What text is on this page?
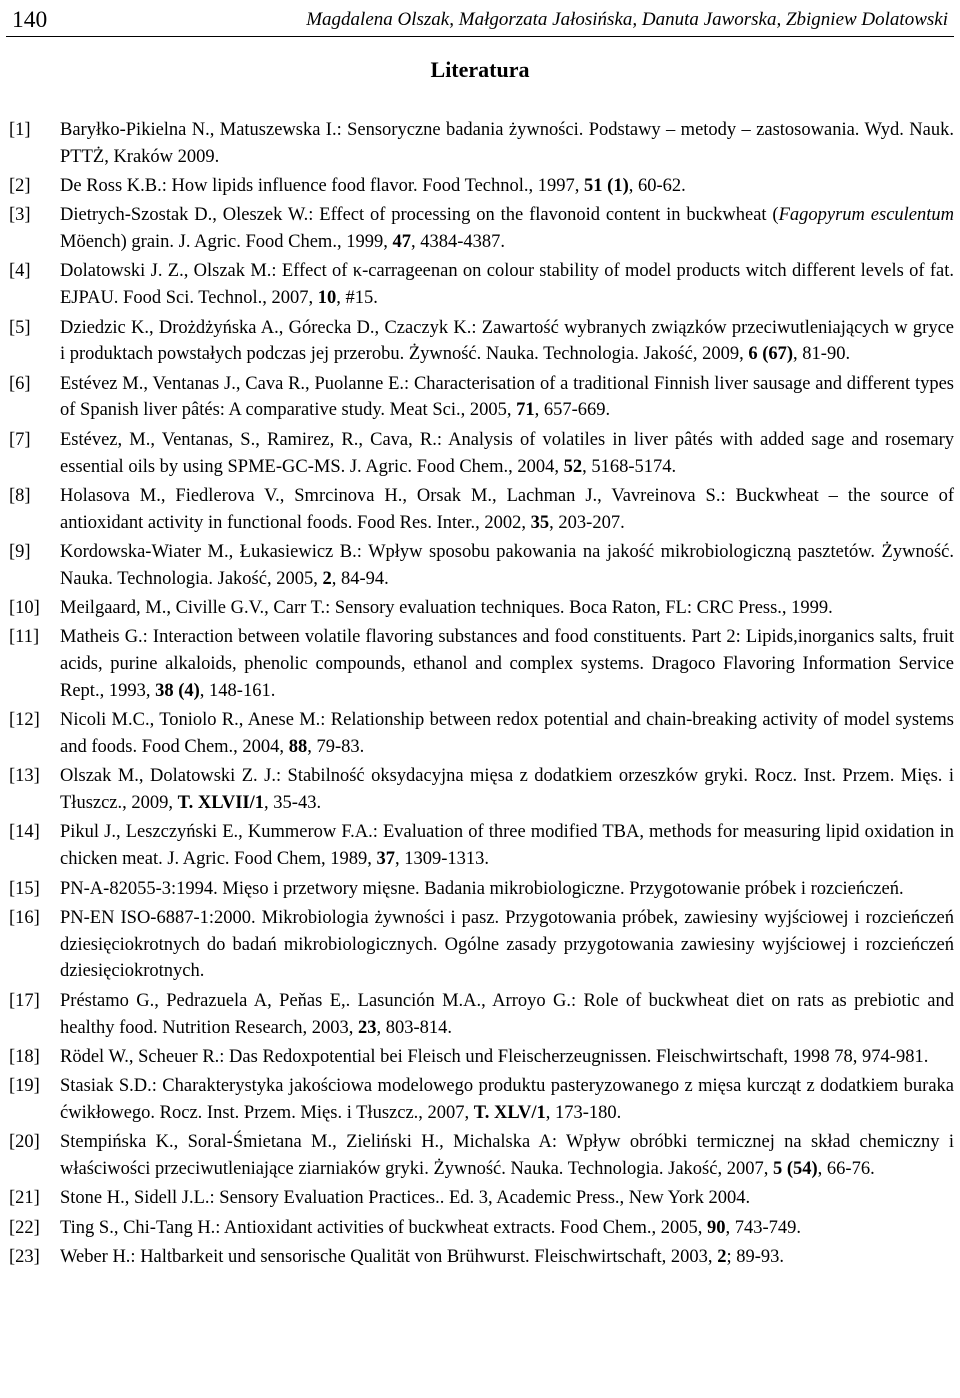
140	Magdalena Olszak, Małgorzata Jałosińska, Danuta Jaworska, Zbigniew Dolatowski
Literatura
[1] Baryłko-Pikielna N., Matuszewska I.: Sensoryczne badania żywności. Podstawy – metody – zastosowania. Wyd. Nauk. PTTŻ, Kraków 2009.
[2] De Ross K.B.: How lipids influence food flavor. Food Technol., 1997, 51 (1), 60-62.
[3] Dietrych-Szostak D., Oleszek W.: Effect of processing on the flavonoid content in buckwheat (Fagopyrum esculentum Möench) grain. J. Agric. Food Chem., 1999, 47, 4384-4387.
[4] Dolatowski J. Z., Olszak M.: Effect of κ-carrageenan on colour stability of model products witch different levels of fat. EJPAU. Food Sci. Technol., 2007, 10, #15.
[5] Dziedzic K., Drożdżyńska A., Górecka D., Czaczyk K.: Zawartość wybranych związków przeciwutleniających w gryce i produktach powstałych podczas jej przerobu. Żywność. Nauka. Technologia. Jakość, 2009, 6 (67), 81-90.
[6] Estévez M., Ventanas J., Cava R., Puolanne E.: Characterisation of a traditional Finnish liver sausage and different types of Spanish liver pâtés: A comparative study. Meat Sci., 2005, 71, 657-669.
[7] Estévez, M., Ventanas, S., Ramirez, R., Cava, R.: Analysis of volatiles in liver pâtés with added sage and rosemary essential oils by using SPME-GC-MS. J. Agric. Food Chem., 2004, 52, 5168-5174.
[8] Holasova M., Fiedlerova V., Smrcinova H., Orsak M., Lachman J., Vavreinova S.: Buckwheat – the source of antioxidant activity in functional foods. Food Res. Inter., 2002, 35, 203-207.
[9] Kordowska-Wiater M., Łukasiewicz B.: Wpływ sposobu pakowania na jakość mikrobiologiczną pasztetów. Żywność. Nauka. Technologia. Jakość, 2005, 2, 84-94.
[10] Meilgaard, M., Civille G.V., Carr T.: Sensory evaluation techniques. Boca Raton, FL: CRC Press., 1999.
[11] Matheis G.: Interaction between volatile flavoring substances and food constituents. Part 2: Lipids,inorganics salts, fruit acids, purine alkaloids, phenolic compounds, ethanol and complex systems. Dragoco Flavoring Information Service Rept., 1993, 38 (4), 148-161.
[12] Nicoli M.C., Toniolo R., Anese M.: Relationship between redox potential and chain-breaking activity of model systems and foods. Food Chem., 2004, 88, 79-83.
[13] Olszak M., Dolatowski Z. J.: Stabilność oksydacyjna mięsa z dodatkiem orzeszków gryki. Rocz. Inst. Przem. Mięs. i Tłuszcz., 2009, T. XLVII/1, 35-43.
[14] Pikul J., Leszczyński E., Kummerow F.A.: Evaluation of three modified TBA, methods for measuring lipid oxidation in chicken meat. J. Agric. Food Chem, 1989, 37, 1309-1313.
[15] PN-A-82055-3:1994. Mięso i przetwory mięsne. Badania mikrobiologiczne. Przygotowanie próbek i rozcieńczeń.
[16] PN-EN ISO-6887-1:2000. Mikrobiologia żywności i pasz. Przygotowania próbek, zawiesiny wyjściowej i rozcieńczeń dziesięciokrotnych do badań mikrobiologicznych. Ogólne zasady przygotowania zawiesiny wyjściowej i rozcieńczeń dziesięciokrotnych.
[17] Préstamo G., Pedrazuela A, Peňas E,. Lasunción M.A., Arroyo G.: Role of buckwheat diet on rats as prebiotic and healthy food. Nutrition Research, 2003, 23, 803-814.
[18] Rödel W., Scheuer R.: Das Redoxpotential bei Fleisch und Fleischerzeugnissen. Fleischwirtschaft, 1998 78, 974-981.
[19] Stasiak S.D.: Charakterystyka jakościowa modelowego produktu pasteryzowanego z mięsa kurcząt z dodatkiem buraka ćwikłowego. Rocz. Inst. Przem. Mięs. i Tłuszcz., 2007, T. XLV/1, 173-180.
[20] Stempińska K., Soral-Śmietana M., Zieliński H., Michalska A: Wpływ obróbki termicznej na skład chemiczny i właściwości przeciwutleniające ziarniaków gryki. Żywność. Nauka. Technologia. Jakość, 2007, 5 (54), 66-76.
[21] Stone H., Sidell J.L.: Sensory Evaluation Practices.. Ed. 3, Academic Press., New York 2004.
[22] Ting S., Chi-Tang H.: Antioxidant activities of buckwheat extracts. Food Chem., 2005, 90, 743-749.
[23] Weber H.: Haltbarkeit und sensorische Qualität von Brühwurst. Fleischwirtschaft, 2003, 2; 89-93.
